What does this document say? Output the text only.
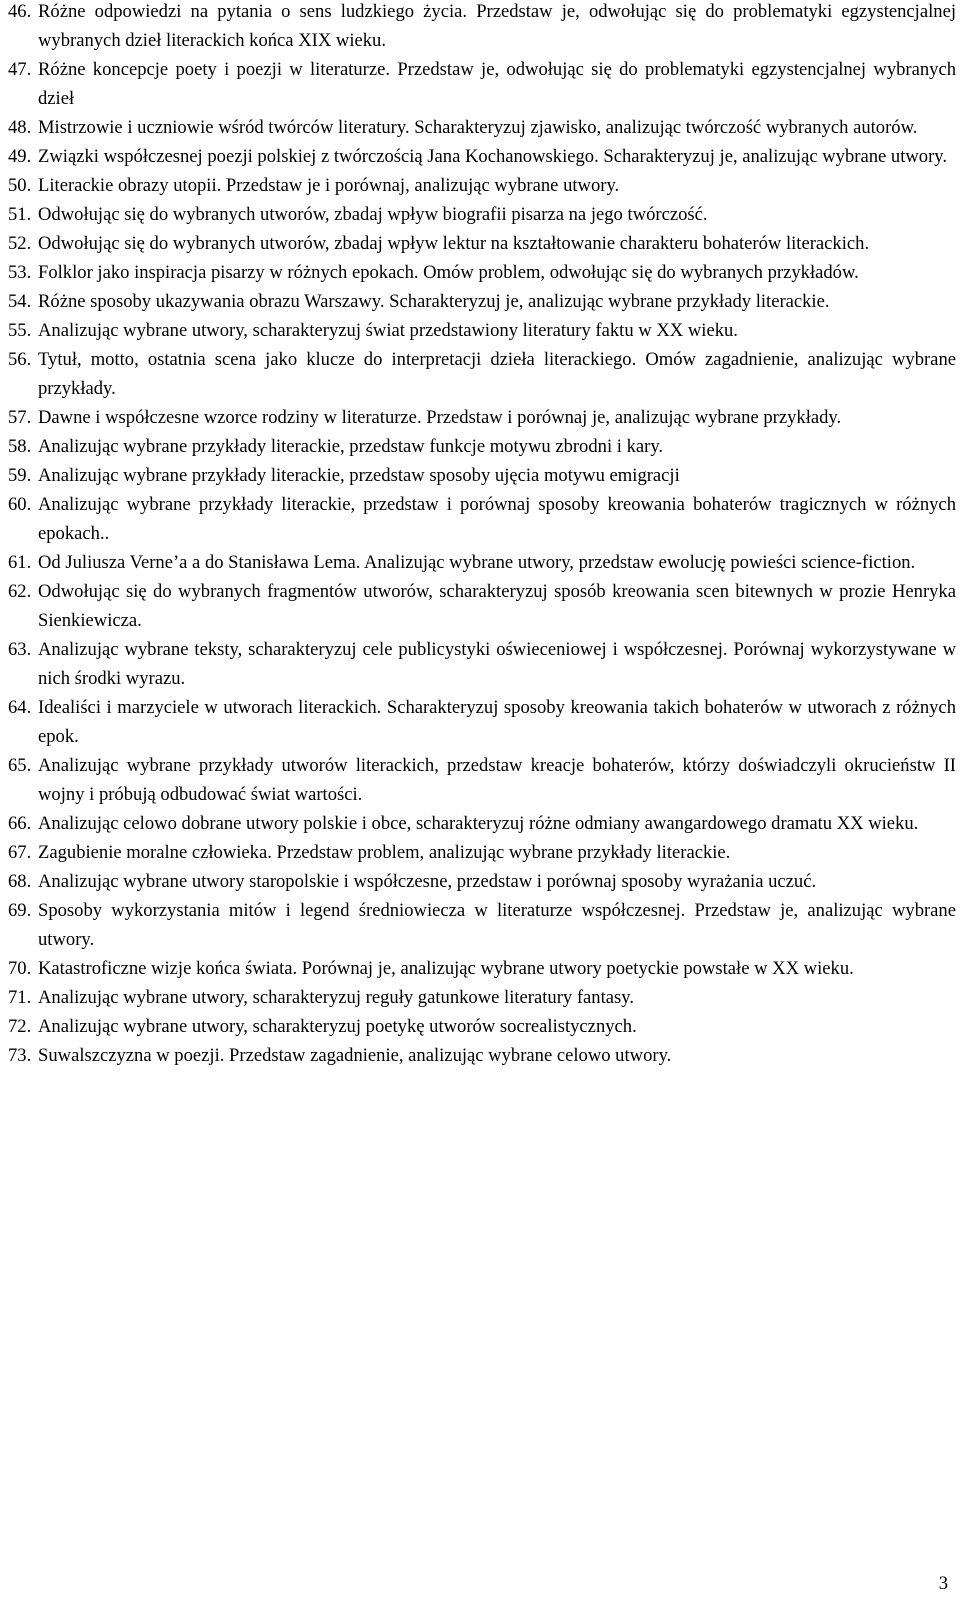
46. Różne odpowiedzi na pytania o sens ludzkiego życia. Przedstaw je, odwołując się do problematyki egzystencjalnej wybranych dzieł literackich końca XIX wieku.
47. Różne koncepcje poety i poezji w literaturze. Przedstaw je, odwołując się do problematyki egzystencjalnej wybranych dzieł
48. Mistrzowie i uczniowie wśród twórców literatury. Scharakteryzuj zjawisko, analizując twórczość wybranych autorów.
49. Związki współczesnej poezji polskiej z twórczością Jana Kochanowskiego. Scharakteryzuj je, analizując wybrane utwory.
50. Literackie obrazy utopii. Przedstaw je i porównaj, analizując wybrane utwory.
51. Odwołując się do wybranych utworów, zbadaj wpływ biografii pisarza na jego twórczość.
52. Odwołując się do wybranych utworów, zbadaj wpływ lektur na kształtowanie charakteru bohaterów literackich.
53. Folklor jako inspiracja pisarzy w różnych epokach. Omów problem, odwołując się do wybranych przykładów.
54. Różne sposoby ukazywania obrazu Warszawy. Scharakteryzuj je, analizując wybrane przykłady literackie.
55. Analizując wybrane utwory, scharakteryzuj świat przedstawiony literatury faktu w XX wieku.
56. Tytuł, motto, ostatnia scena jako klucze do interpretacji dzieła literackiego. Omów zagadnienie, analizując wybrane przykłady.
57. Dawne i współczesne wzorce rodziny w literaturze. Przedstaw i porównaj je, analizując wybrane przykłady.
58. Analizując wybrane przykłady literackie, przedstaw funkcje motywu zbrodni i kary.
59. Analizując wybrane przykłady literackie, przedstaw sposoby ujęcia motywu emigracji
60. Analizując wybrane przykłady literackie, przedstaw i porównaj sposoby kreowania bohaterów tragicznych w różnych epokach..
61. Od Juliusza Verne’a a do Stanisława Lema. Analizując wybrane utwory, przedstaw ewolucję powieści science-fiction.
62. Odwołując się do wybranych fragmentów utworów, scharakteryzuj sposób kreowania scen bitewnych w prozie Henryka Sienkiewicza.
63. Analizując wybrane teksty, scharakteryzuj cele publicystyki oświeceniowej i współczesnej. Porównaj wykorzystywane w nich środki wyrazu.
64. Idealiści i marzyciele w utworach literackich. Scharakteryzuj sposoby kreowania takich bohaterów w utworach z różnych epok.
65. Analizując wybrane przykłady utworów literackich, przedstaw kreacje bohaterów, którzy doświadczyli okrucieństw II wojny i próbują odbudować świat wartości.
66. Analizując celowo dobrane utwory polskie i obce, scharakteryzuj różne odmiany awangardowego dramatu XX wieku.
67. Zagubienie moralne człowieka. Przedstaw problem, analizując wybrane przykłady literackie.
68. Analizując wybrane utwory staropolskie i współczesne, przedstaw i porównaj sposoby wyrażania uczuć.
69. Sposoby wykorzystania mitów i legend średniowiecza w literaturze współczesnej. Przedstaw je, analizując wybrane utwory.
70. Katastroficzne wizje końca świata. Porównaj je, analizując wybrane utwory poetyckie powstałe w XX wieku.
71. Analizując wybrane utwory, scharakteryzuj reguły gatunkowe literatury fantasy.
72. Analizując wybrane utwory, scharakteryzuj poetykę utworów socrealistycznych.
73. Suwalszczyzna w poezji. Przedstaw zagadnienie, analizując wybrane celowo utwory.
3
